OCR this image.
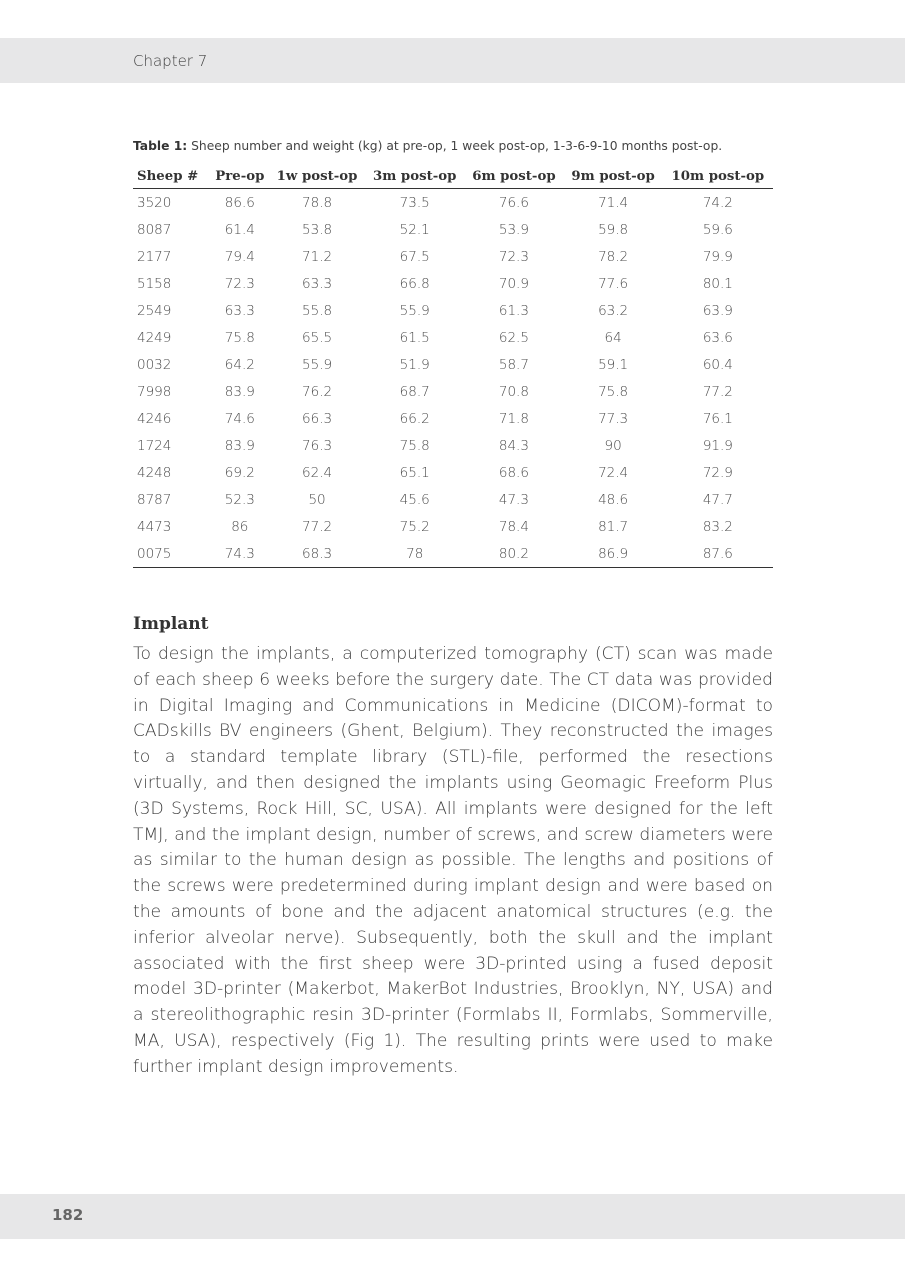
Chapter 7
Table 1: Sheep number and weight (kg) at pre-op, 1 week post-op, 1-3-6-9-10 months post-op.
Sheep #	Pre-op	1w post-op	3m post-op	6m post-op	9m post-op	10m post-op
3520	86.6	78.8	73.5	76.6	71.4	74.2
8087	61.4	53.8	52.1	53.9	59.8	59.6
2177	79.4	71.2	67.5	72.3	78.2	79.9
5158	72.3	63.3	66.8	70.9	77.6	80.1
2549	63.3	55.8	55.9	61.3	63.2	63.9
4249	75.8	65.5	61.5	62.5	64	63.6
0032	64.2	55.9	51.9	58.7	59.1	60.4
7998	83.9	76.2	68.7	70.8	75.8	77.2
4246	74.6	66.3	66.2	71.8	77.3	76.1
1724	83.9	76.3	75.8	84.3	90	91.9
4248	69.2	62.4	65.1	68.6	72.4	72.9
8787	52.3	50	45.6	47.3	48.6	47.7
4473	86	77.2	75.2	78.4	81.7	83.2
0075	74.3	68.3	78	80.2	86.9	87.6
Implant
To design the implants, a computerized tomography (CT) scan was made of each sheep 6 weeks before the surgery date. The CT data was provided in Digital Imaging and Communications in Medicine (DICOM)-format to CADskills BV engineers (Ghent, Belgium). They reconstructed the images to a standard template library (STL)-file, performed the resections virtually, and then designed the implants using Geomagic Freeform Plus (3D Systems, Rock Hill, SC, USA). All implants were designed for the left TMJ, and the implant design, number of screws, and screw diameters were as similar to the human design as possible. The lengths and positions of the screws were predetermined during implant design and were based on the amounts of bone and the adjacent anatomical structures (e.g. the inferior alveolar nerve). Subsequently, both the skull and the implant associated with the first sheep were 3D-printed using a fused deposit model 3D-printer (Makerbot, MakerBot Industries, Brooklyn, NY, USA) and a stereolithographic resin 3D-printer (Formlabs II, Formlabs, Sommerville, MA, USA), respectively (Fig 1). The resulting prints were used to make further implant design improvements.
182
